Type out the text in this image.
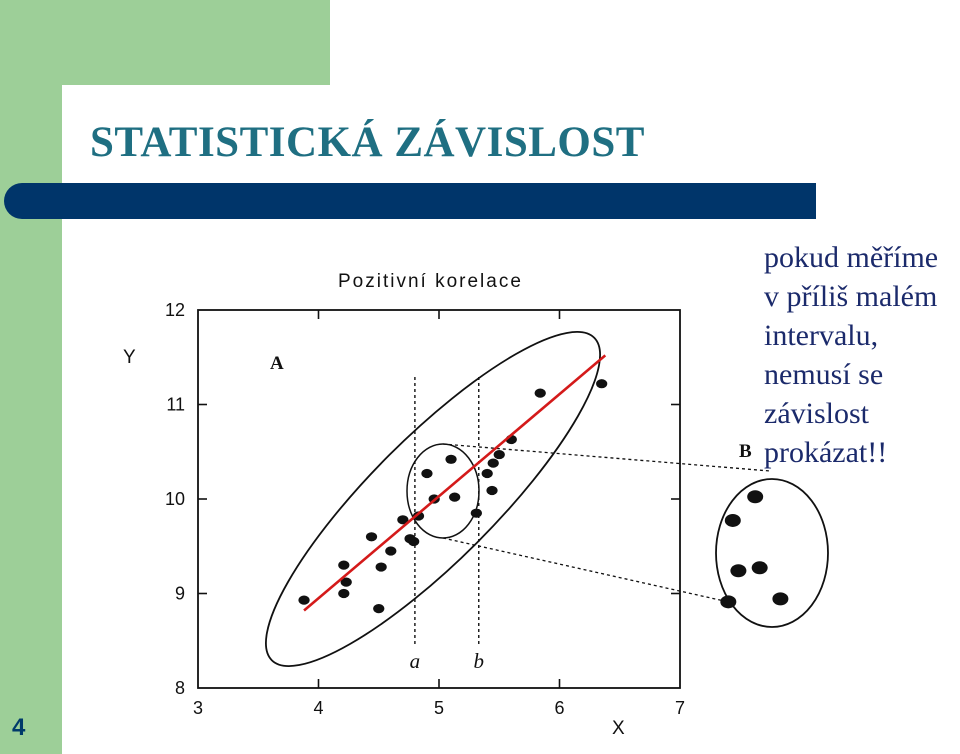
STATISTICKÁ ZÁVISLOST
pokud měříme
v příliš malém
intervalu,
nemusí se
závislost
prokázat!!
4
Pozitivní korelace
Y
X
A
B
3	4	5	6	7
8
9
10
11
12
a	b
